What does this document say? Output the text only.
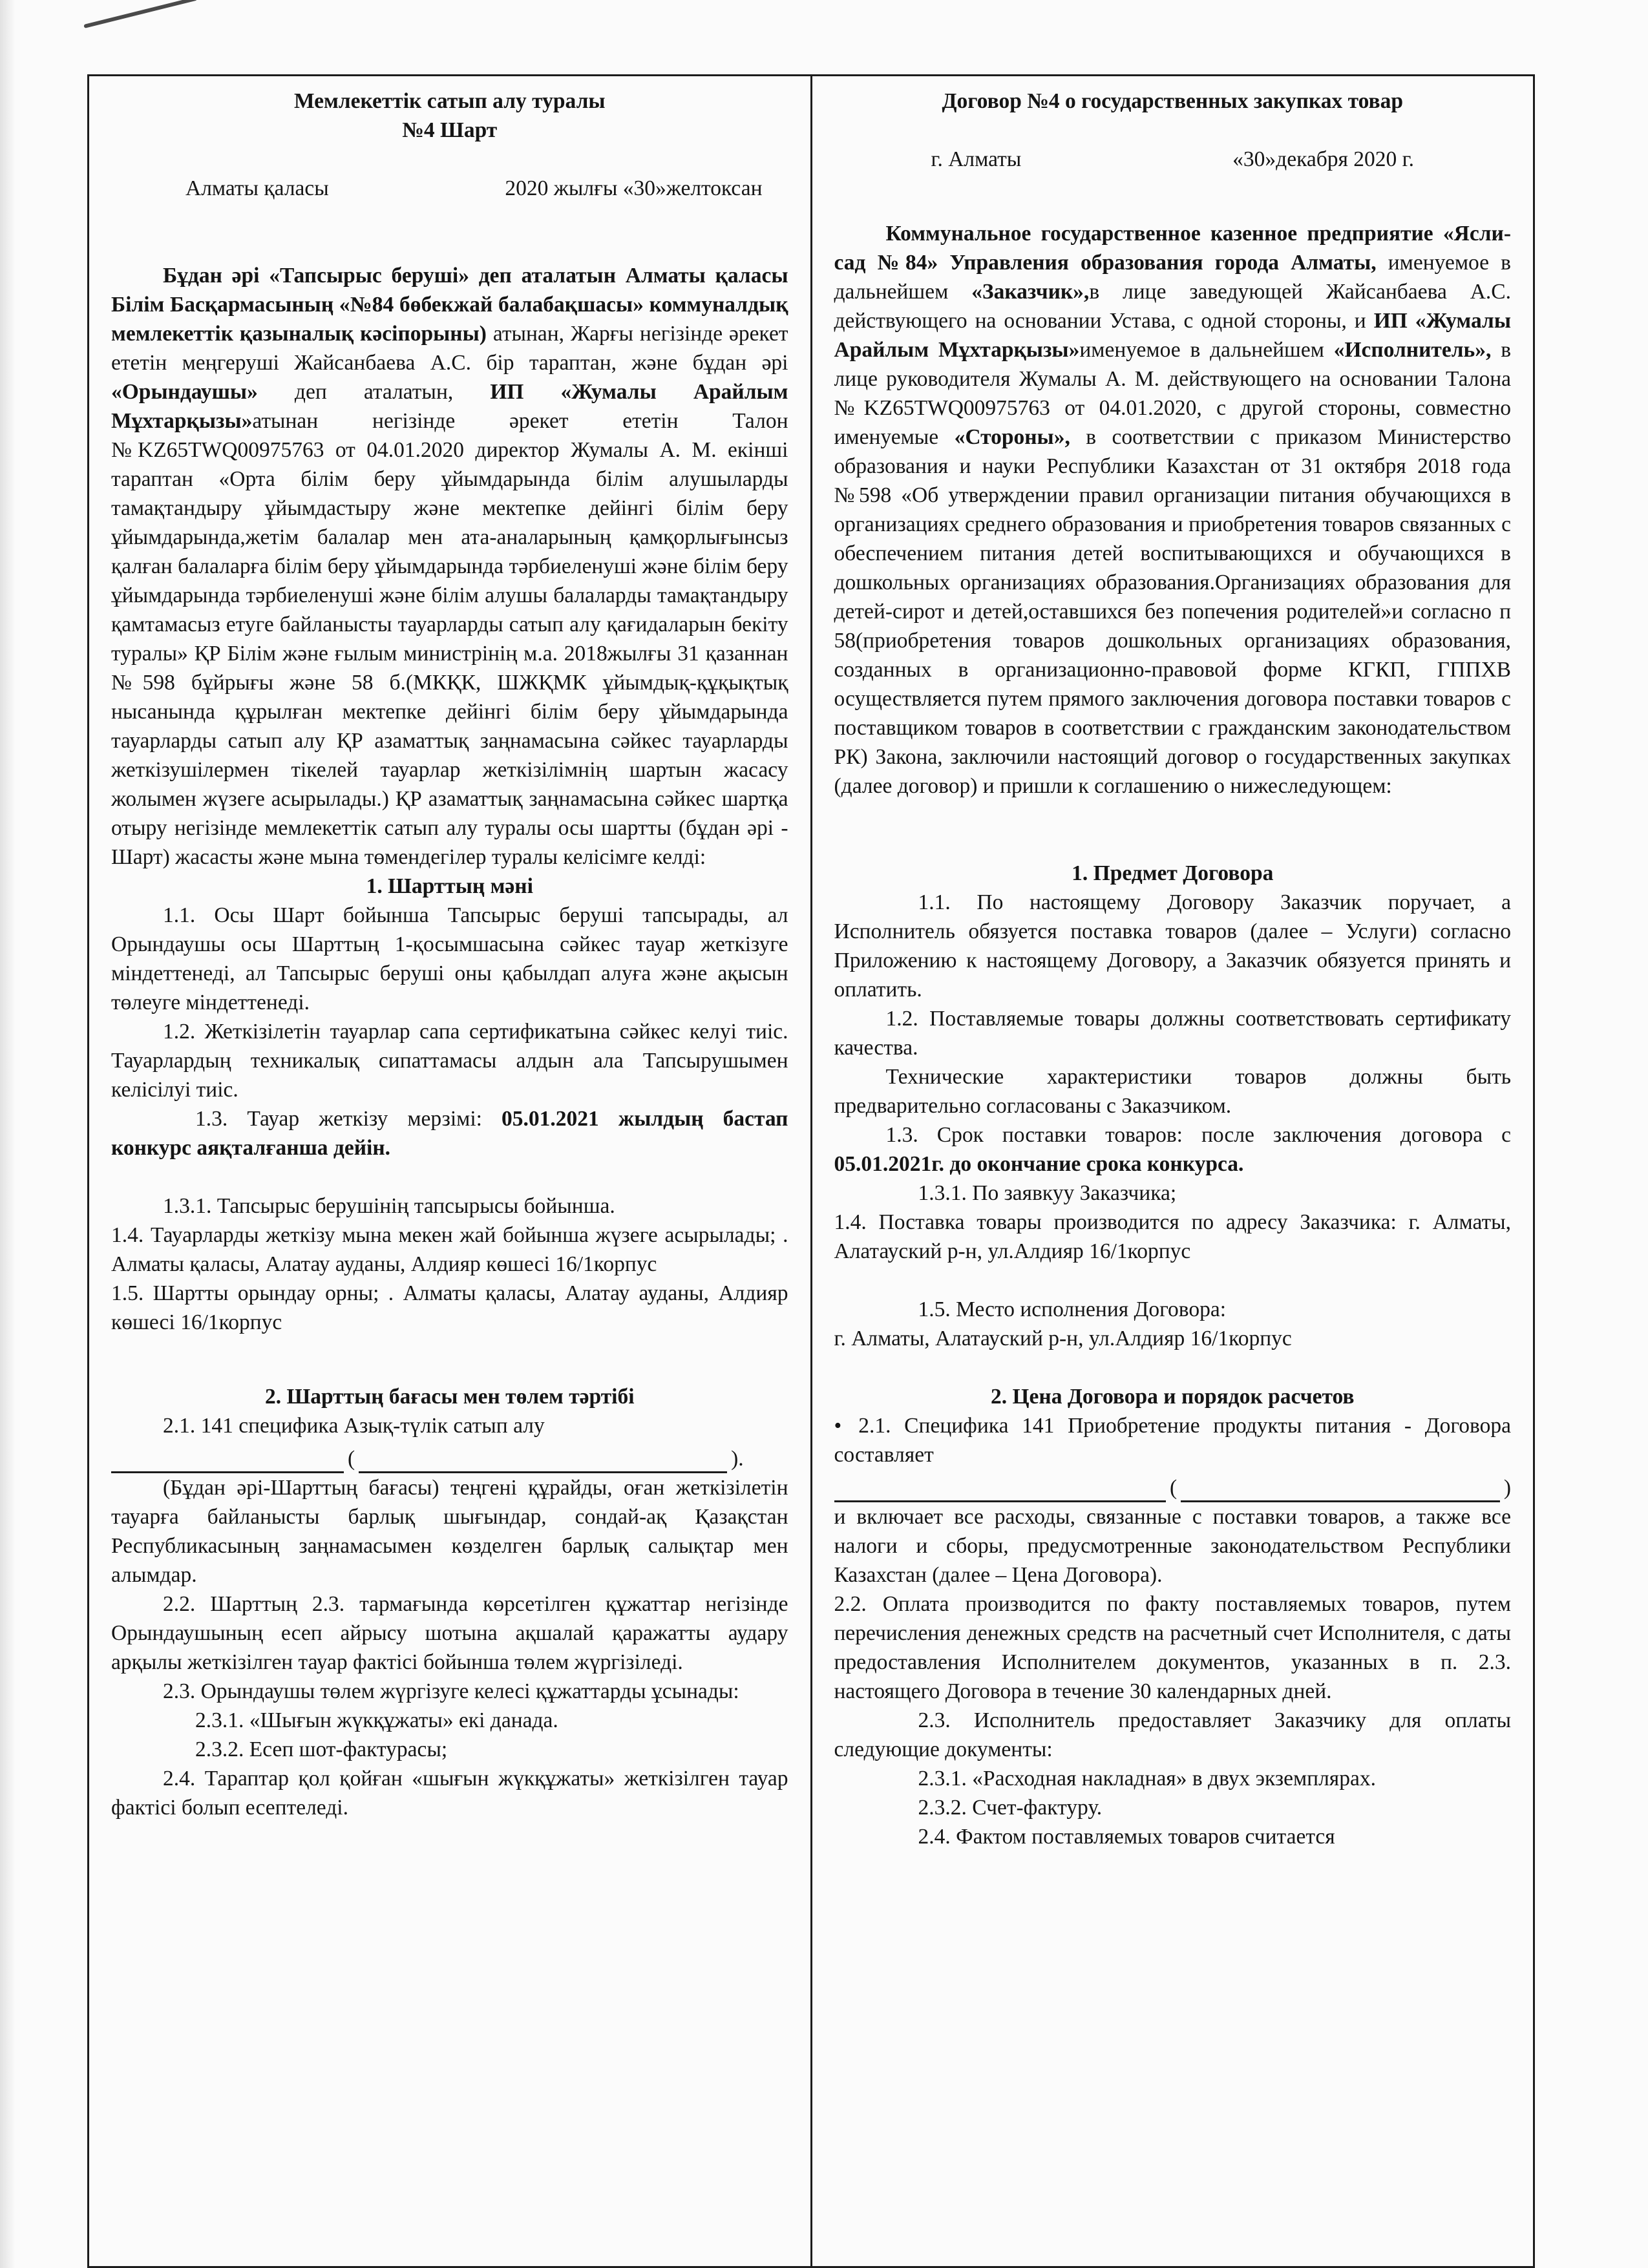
Мемлекеттік сатып алу туралы
№4 Шарт
Алматы қаласы	2020 жылғы «30»желтоксан

Бұдан әрі «Тапсырыс беруші» деп аталатын Алматы қаласы Білім Басқармасының «№84 бөбекжай балабақшасы» коммуналдық мемлекеттік қазыналық кәсіпорыны) атынан, Жарғы негізінде әрекет ететін меңгеруші Жайсанбаева А.С. бір тараптан, және бұдан әрі «Орындаушы» деп аталатын, ИП «Жумалы Арайлым Мұхтарқызы»атынан негізінде әрекет ететін Талон №KZ65TWQ00975763 от 04.01.2020 директор Жумалы А. М. екінші тараптан «Орта білім беру ұйымдарында білім алушыларды тамақтандыру ұйымдастыру және мектепке дейінгі білім беру ұйымдарында,жетім балалар мен ата-аналарының қамқорлығынсыз қалған балаларға білім беру ұйымдарында тәрбиеленуші және білім беру ұйымдарында тәрбиеленуші және білім алушы балаларды тамақтандыру қамтамасыз етуге байланысты тауарларды сатып алу қағидаларын бекіту туралы» ҚР Білім және ғылым министрінің м.а. 2018жылғы 31 қазаннан №598 бұйрығы және 58 б.(МКҚК, ШЖҚМК ұйымдық-құқықтық нысанында құрылған мектепке дейінгі білім беру ұйымдарында тауарларды сатып алу ҚР азаматтық заңнамасына сәйкес тауарларды жеткізушілермен тікелей тауарлар жеткізілімнің шартын жасасу жолымен жүзеге асырылады.) ҚР азаматтық заңнамасына сәйкес шартқа отыру негізінде мемлекеттік сатып алу туралы осы шартты (бұдан әрі - Шарт) жасасты және мына төмендегілер туралы келісімге келді:

1. Шарттың мәні

1.1. Осы Шарт бойынша Тапсырыс беруші тапсырады, ал Орындаушы осы Шарттың 1-қосымшасына сәйкес тауар жеткізуге міндеттенеді, ал Тапсырыс беруші оны қабылдап алуға және ақысын төлеуге міндеттенеді.

1.2. Жеткізілетін тауарлар сапа сертификатына сәйкес келуі тиіс. Тауарлардың техникалық сипаттамасы алдын ала Тапсырушымен келісілуі тиіс.

1.3. Тауар жеткізу мерзімі: 05.01.2021 жылдың бастап конкурс аяқталғанша дейін.

1.3.1. Тапсырыс берушінің тапсырысы бойынша.

1.4. Тауарларды жеткізу мына мекен жай бойынша жүзеге асырылады; . Алматы қаласы, Алатау ауданы, Алдияр көшесі 16/1корпус

1.5. Шартты орындау орны; . Алматы қаласы, Алатау ауданы, Алдияр көшесі 16/1корпус

2. Шарттың бағасы мен төлем тәртібі

2.1. 141 спецификa Азық-түлік сатып алу

(	).

(Бұдан әрі-Шарттың бағасы) теңгені құрайды, оған жеткізілетін тауарға байланысты барлық шығындар, сондай-ақ Қазақстан Республикасының заңнамасымен көзделген барлық салықтар мен алымдар.

2.2. Шарттың 2.3. тармағында көрсетілген құжаттар негізінде Орындаушының есеп айрысу шотына ақшалай қаражатты аудару арқылы жеткізілген тауар фактісі бойынша төлем жүргізіледі.

2.3. Орындаушы төлем жүргізуге келесі құжаттарды ұсынады:

2.3.1. «Шығын жүкқұжаты» екі данада.

2.3.2. Есеп шот-фактурасы;

2.4. Тараптар қол қойған «шығын жүкқұжаты» жеткізілген тауар фактісі болып есептеледі.

Договор №4 о государственных закупках товар
г. Алматы	«30»декабря 2020 г.

Коммунальное государственное казенное предприятие «Ясли-сад №84» Управления образования города Алматы, именуемое в дальнейшем «Заказчик»,в лице заведующей Жайсанбаева А.С. действующего на основании Устава, с одной стороны, и ИП «Жумалы Арайлым Мұхтарқызы»именуемое в дальнейшем «Исполнитель», в лице руководителя Жумалы А. М. действующего на основании Талона №KZ65TWQ00975763 от 04.01.2020, с другой стороны, совместно именуемые «Стороны», в соответствии с приказом Министерство образования и науки Республики Казахстан от 31 октября 2018 года №598 «Об утверждении правил организации питания обучающихся в организациях среднего образования и приобретения товаров связанных с обеспечением питания детей воспитывающихся и обучающихся в дошкольных организациях образования.Организациях образования для детей-сирот и детей,оставшихся без попечения родителей»и согласно п 58(приобретения товаров дошкольных организациях образования, созданных в организационно-правовой форме КГКП, ГППХВ осуществляется путем прямого заключения договора поставки товаров с поставщиком товаров в соответствии с гражданским законодательством РК) Закона, заключили настоящий договор о государственных закупках (далее договор) и пришли к соглашению о нижеследующем:

1. Предмет Договора

1.1. По настоящему Договору Заказчик поручает, а Исполнитель обязуется поставка товаров (далее – Услуги) согласно Приложению к настоящему Договору, а Заказчик обязуется принять и оплатить.

1.2. Поставляемые товары должны соответствовать сертификату качества.

Технические характеристики товаров должны быть предварительно согласованы с Заказчиком.

1.3. Срок поставки товаров: после заключения договора с 05.01.2021г. до окончание срока конкурса.

1.3.1. По заявкуу Заказчика;

1.4. Поставка товары производится по адресу Заказчика: г. Алматы, Алатауский р-н, ул.Алдияр 16/1корпус

1.5. Место исполнения Договора:

г. Алматы, Алатауский р-н, ул.Алдияр 16/1корпус

2. Цена Договора и порядок расчетов

• 2.1. Специфика 141 Приобретение продукты питания - Договора составляет

(	)

и включает все расходы, связанные с поставки товаров, а также все налоги и сборы, предусмотренные законодательством Республики Казахстан (далее – Цена Договора).

2.2. Оплата производится по факту поставляемых товаров, путем перечисления денежных средств на расчетный счет Исполнителя, с даты предоставления Исполнителем документов, указанных в п. 2.3. настоящего Договора в течение 30 календарных дней.

2.3. Исполнитель предоставляет Заказчику для оплаты следующие документы:

2.3.1. «Расходная накладная» в двух экземплярах.

2.3.2. Счет-фактуру.

2.4. Фактом поставляемых товаров считается
